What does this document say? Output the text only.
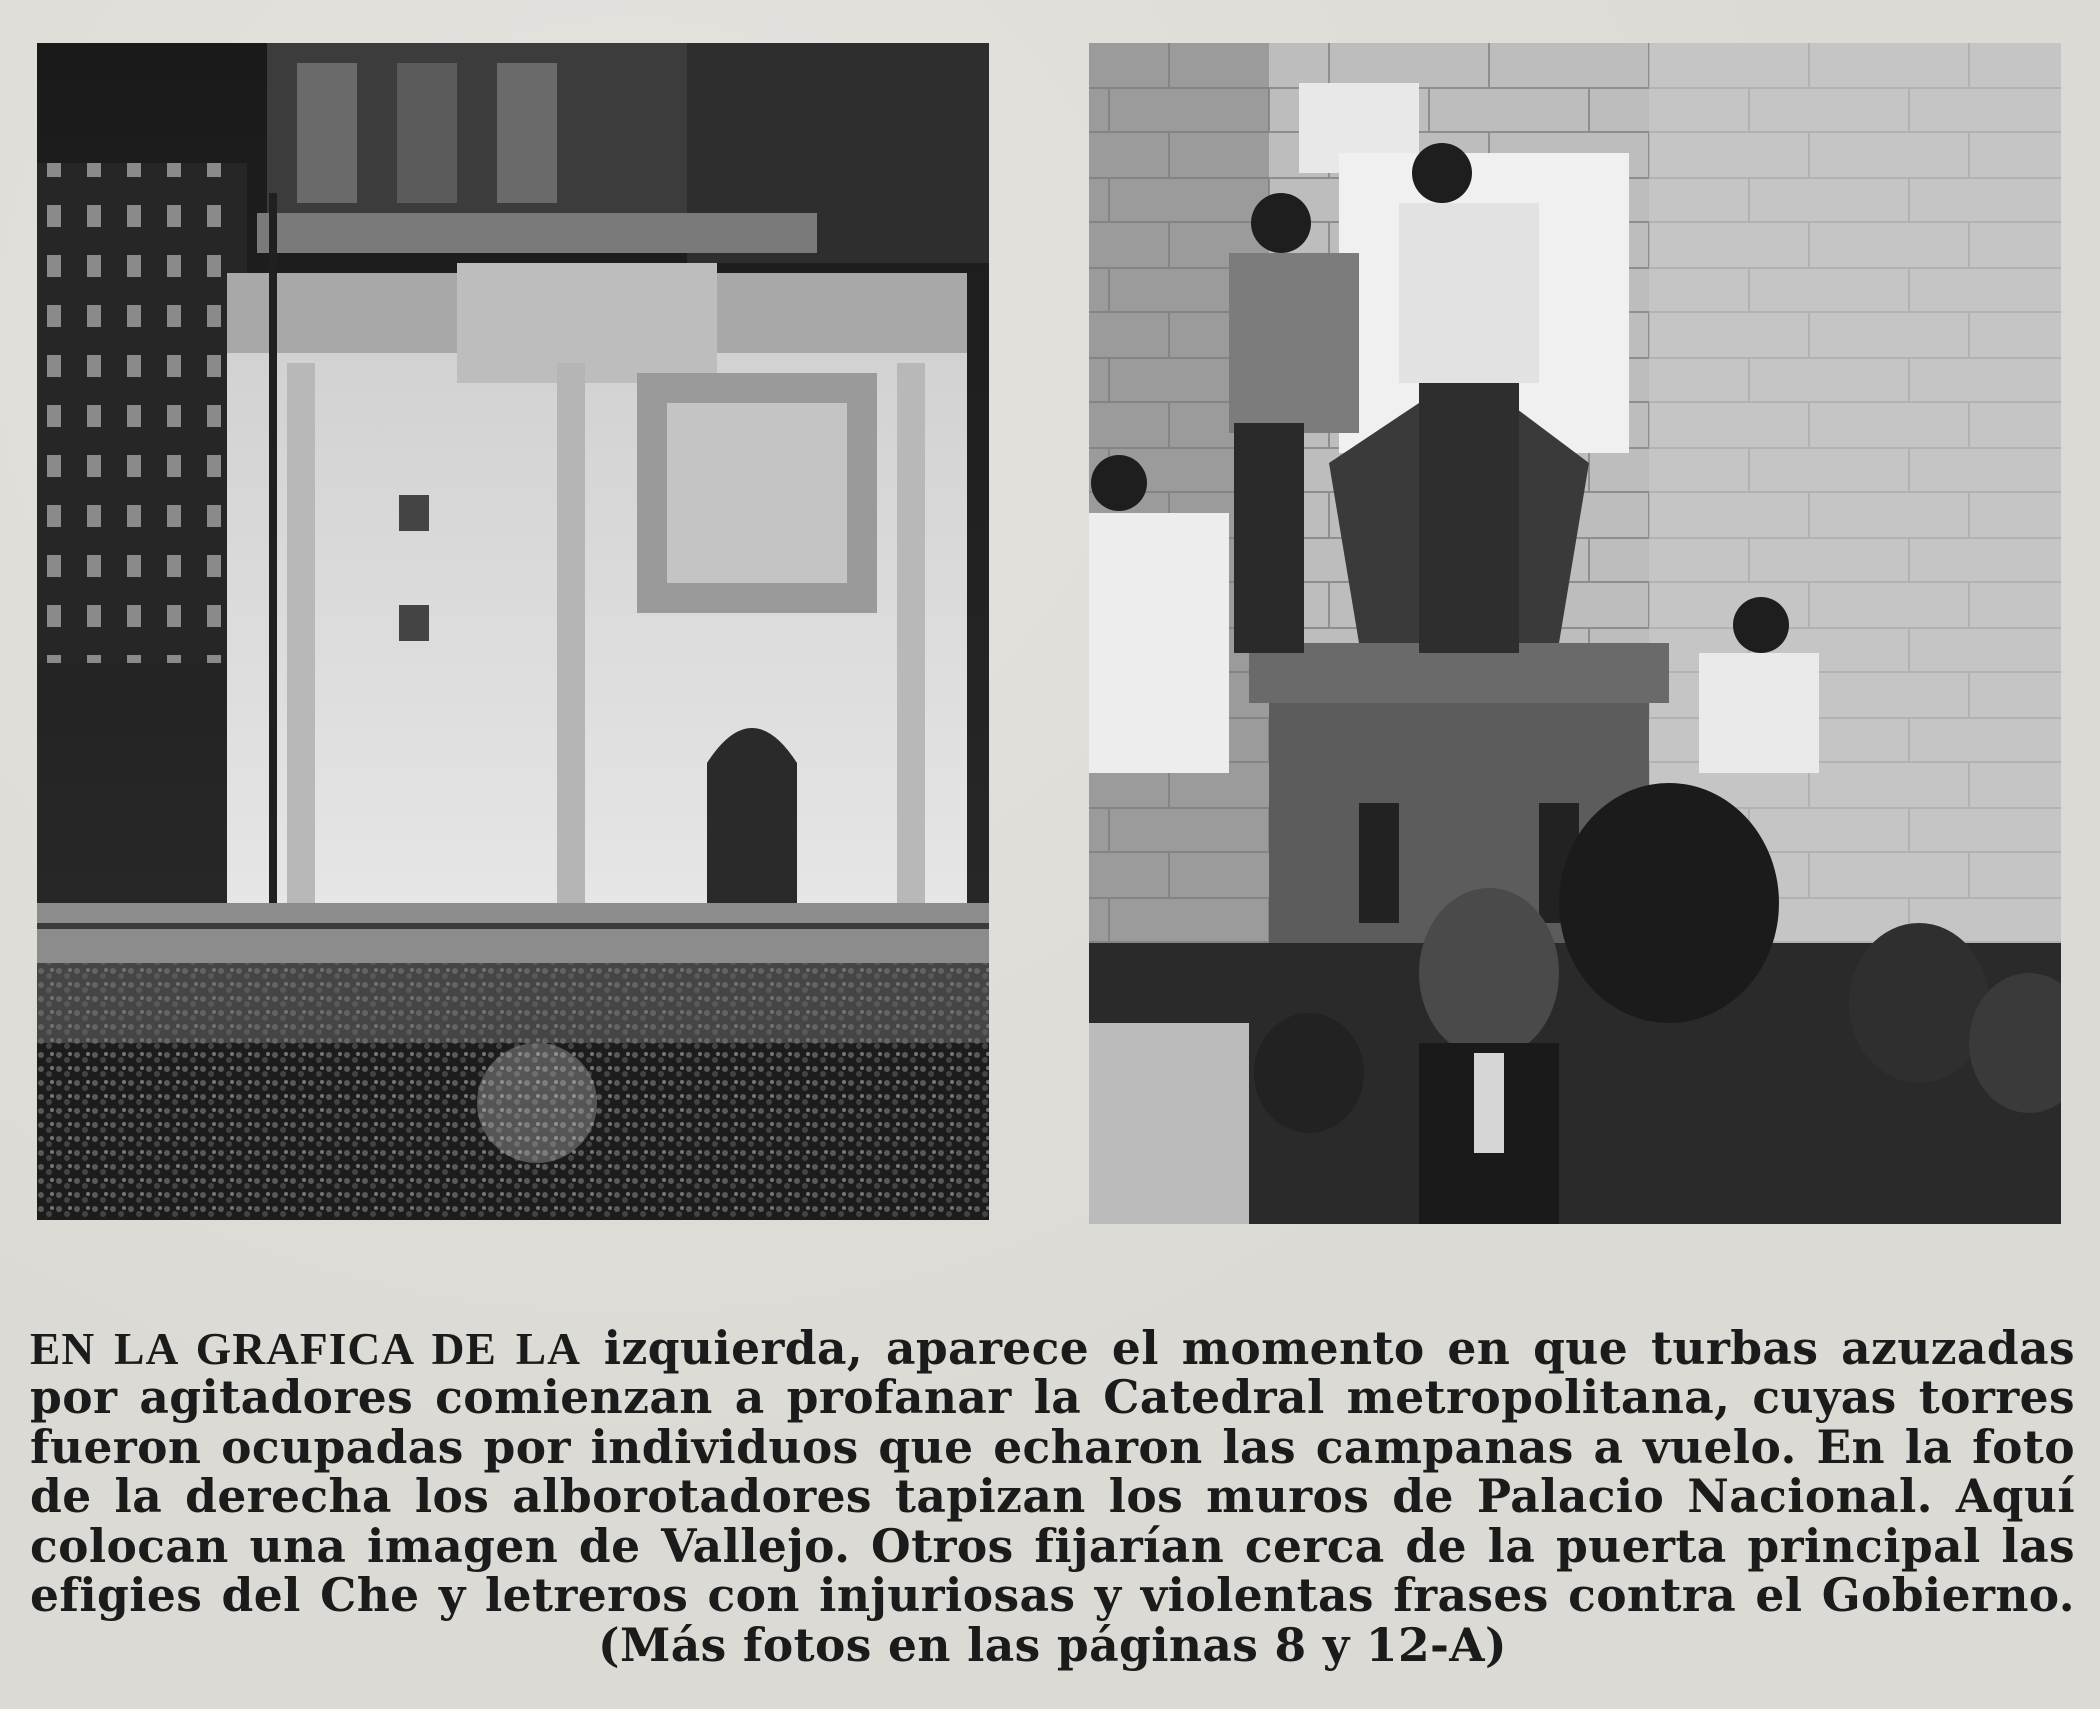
EN LA GRAFICA DE LA izquierda, aparece el momento en que turbas azuzadas por agitadores comienzan a profanar la Catedral metropolitana, cuyas torres fueron ocupadas por individuos que echaron las campanas a vuelo. En la foto de la derecha los alborotadores tapizan los muros de Palacio Nacional. Aquí colocan una imagen de Vallejo. Otros fijarían cerca de la puerta principal las efigies del Che y letreros con injuriosas y violentas frases contra el Gobierno. (Más fotos en las páginas 8 y 12-A)
